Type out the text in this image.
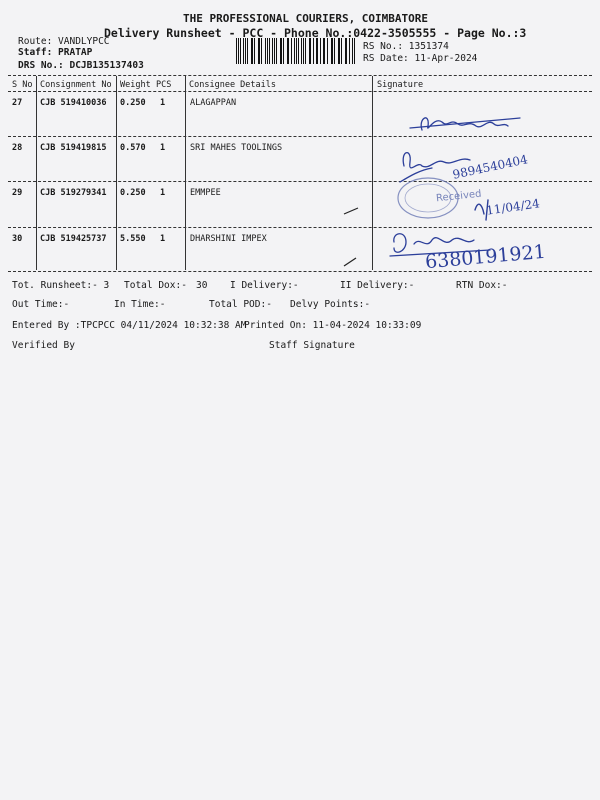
THE PROFESSIONAL COURIERS, COIMBATORE
Delivery Runsheet - PCC - Phone No.:0422-3505555 - Page No.:3
Route: VANDLYPCC
Staff: PRATAP
DRS No.: DCJB135137403
RS No.: 1351374
RS Date: 11-Apr-2024
S No Consignment No Weight PCS Consignee Details	Signature
27 CJB 519410036 0.250 1	ALAGAPPAN
28 CJB 519419815 0.570 1	SRI MAHES TOOLINGS
29 CJB 519279341 0.250 1	EMMPEE
30 CJB 519425737 5.550 1	DHARSHINI IMPEX
Received
9894540404
11/04/24
6380191921
Tot. Runsheet:- 3 Total Dox:- 30 I Delivery:-	II Delivery:-	RTN Dox:-
Out Time:-	In Time:-	Total POD:- Delvy Points:-
Entered By :TPCPCC 04/11/2024 10:32:38 AM
Printed On: 11-04-2024 10:33:09
Verified By	Staff Signature
